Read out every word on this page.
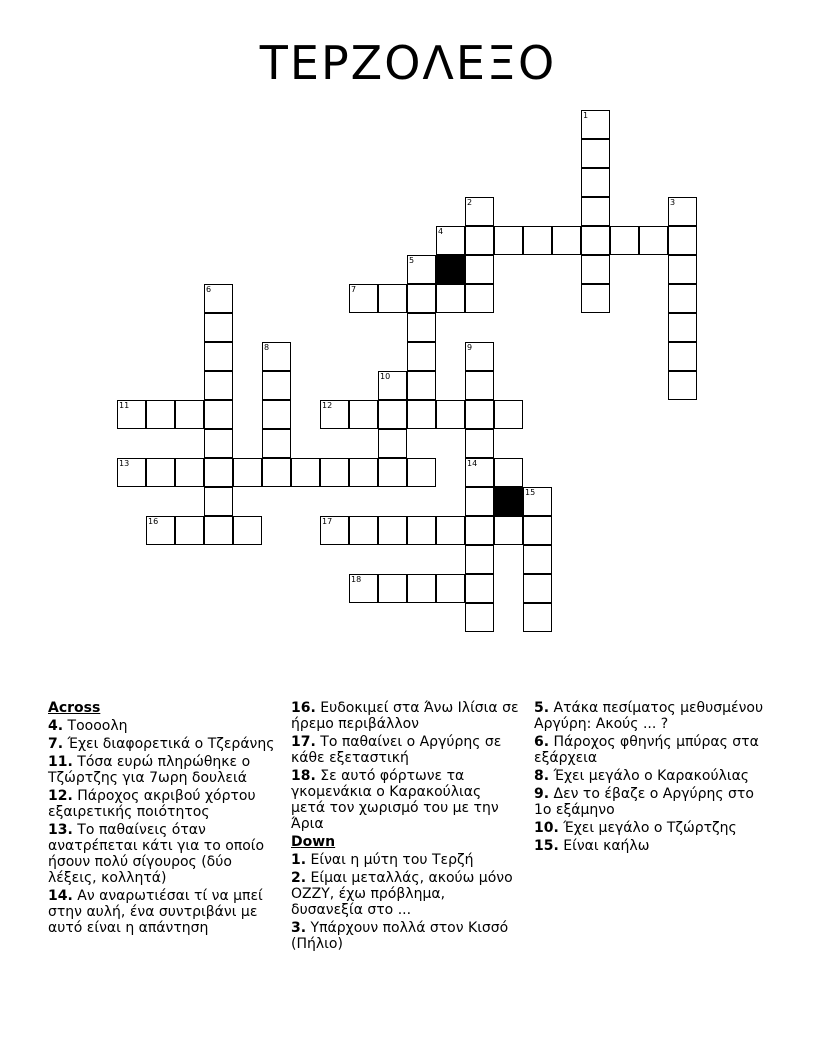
ΤΕΡΖΟΛΕΞΟ
1
2	3
4
5
6	7
8	9
10
11	12
13	14
15
16	17
18
Across
4. Τοοοολη
7. Έχει διαφορετικά ο Τζεράνης
11. Τόσα ευρώ πληρώθηκε ο Τζώρτζης για 7ωρη δουλειά
12. Πάροχος ακριβού χόρτου εξαιρετικής ποιότητος
13. Το παθαίνεις όταν ανατρέπεται κάτι για το οποίο ήσουν πολύ σίγουρος (δύο λέξεις, κολλητά)
14. Αν αναρωτιέσαι τί να μπεί στην αυλή, ένα συντριβάνι με αυτό είναι η απάντηση
16. Ευδοκιμεί στα Άνω Ιλίσια σε ήρεμο περιβάλλον
17. Το παθαίνει ο Αργύρης σε κάθε εξεταστική
18. Σε αυτό φόρτωνε τα γκομενάκια ο Καρακούλιας μετά τον χωρισμό του με την Άρια
Down
1. Είναι η μύτη του Τερζή
2. Είμαι μεταλλάς, ακούω μόνο OZZY, έχω πρόβλημα, δυσανεξία στο ...
3. Υπάρχουν πολλά στον Κισσό (Πήλιο)
5. Ατάκα πεσίματος μεθυσμένου Αργύρη: Ακούς ... ?
6. Πάροχος φθηνής μπύρας στα εξάρχεια
8. Έχει μεγάλο ο Καρακούλιας
9. Δεν το έβαζε ο Αργύρης στο 1ο εξάμηνο
10. Έχει μεγάλο ο Τζώρτζης
15. Είναι καήλω
